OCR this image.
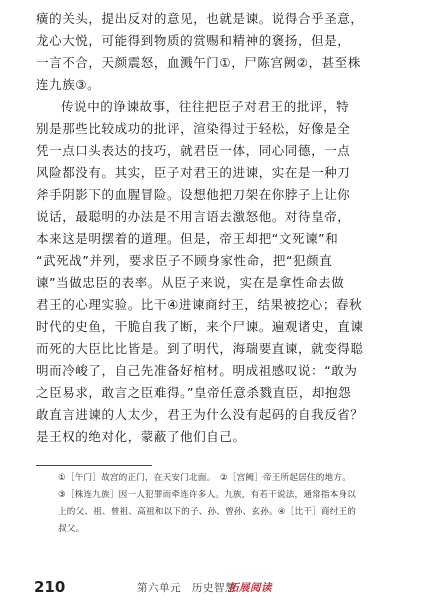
癀的关头，提出反对的意见，也就是谏。说得合乎圣意，
龙心大悦，可能得到物质的赏赐和精神的褒扬，但是，
一言不合，天颜震怒，血溅午门①，尸陈宫阙②，甚至株
连九族③。
传说中的诤谏故事，往往把臣子对君王的批评，特
别是那些比较成功的批评，渲染得过于轻松，好像是全
凭一点口头表达的技巧，就君臣一体，同心同德，一点
风险都没有。其实，臣子对君王的进谏，实在是一种刀
斧手阴影下的血腥冒险。设想他把刀架在你脖子上让你
说话，最聪明的办法是不用言语去激怒他。对待皇帝，
本来这是明摆着的道理。但是，帝王却把“文死谏”和
“武死战”并列，要求臣子不顾身家性命，把“犯颜直
谏”当做忠臣的表率。从臣子来说，实在是拿性命去做
君王的心理实验。比干④进谏商纣王，结果被挖心；春秋
时代的史鱼，干脆自我了断，来个尸谏。遍观诸史，直谏
而死的大臣比比皆是。到了明代，海瑞要直谏，就变得聪
明而冷峻了，自己先准备好棺材。明成祖感叹说：“敢为
之臣易求，敢言之臣难得。”皇帝任意杀戮直臣，却抱怨
敢直言进谏的人太少，君王为什么没有起码的自我反省？
是王权的绝对化，蒙蔽了他们自己。
①［午门］故宫的正门，在天安门北面。　②［宫阙］帝王所起居住的地方。
③［株连九族］因一人犯罪而牵连许多人。九族，有若干说法，通常指本身以
上的父、祖、曾祖、高祖和以下的子、孙、曾孙、玄孙。④［比干］商纣王的
叔父。
210	第六单元　历史智慧
拓展阅读
